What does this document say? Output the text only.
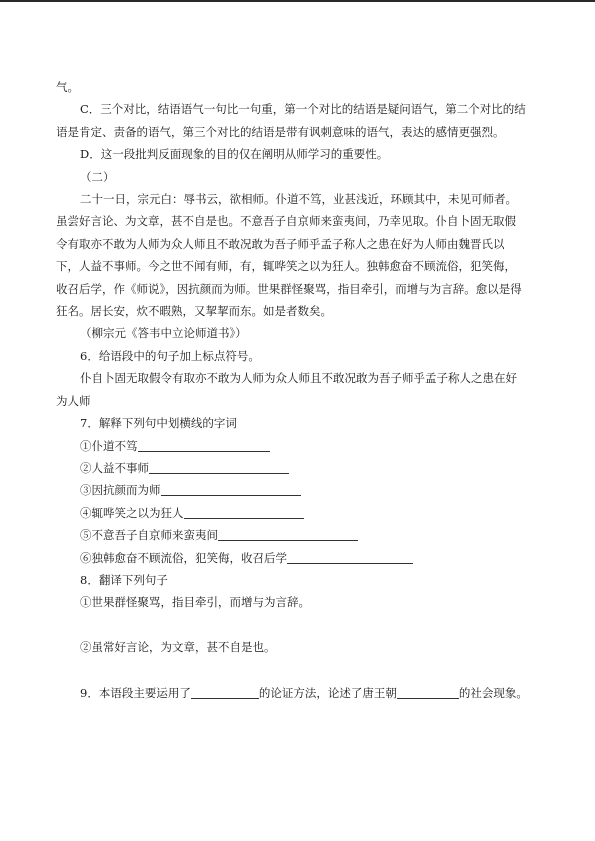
气。

C．三个对比，结语语气一句比一句重，第一个对比的结语是疑问语气，第二个对比的结

语是肯定、责备的语气，第三个对比的结语是带有讽刺意味的语气，表达的感情更强烈。

D．这一段批判反面现象的目的仅在阐明从师学习的重要性。

（二）

二十一日，宗元白：辱书云，欲相师。仆道不笃，业甚浅近，环顾其中，未见可师者。

虽尝好言论、为文章，甚不自是也。不意吾子自京师来蛮夷间，乃幸见取。仆自卜固无取假

令有取亦不敢为人师为众人师且不敢况敢为吾子师乎孟子称人之患在好为人师由魏晋氏以

下，人益不事师。今之世不闻有师，有，辄哗笑之以为狂人。独韩愈奋不顾流俗，犯笑侮，

收召后学，作《师说》，因抗颜而为师。世果群怪聚骂，指目牵引，而增与为言辞。愈以是得

狂名。居长安，炊不暇熟，又挈挈而东。如是者数矣。

（柳宗元《答韦中立论师道书》）

6．给语段中的句子加上标点符号。

仆自卜固无取假令有取亦不敢为人师为众人师且不敢况敢为吾子师乎孟子称人之患在好

为人师

7．解释下列句中划横线的字词

①仆道不笃

②人益不事师

③因抗颜而为师

④辄哗笑之以为狂人

⑤不意吾子自京师来蛮夷间

⑥独韩愈奋不顾流俗，犯笑侮，收召后学

8．翻译下列句子

①世果群怪聚骂，指目牵引，而增与为言辞。

②虽常好言论，为文章，甚不自是也。

9．本语段主要运用了	的论证方法，论述了唐王朝	的社会现象。
